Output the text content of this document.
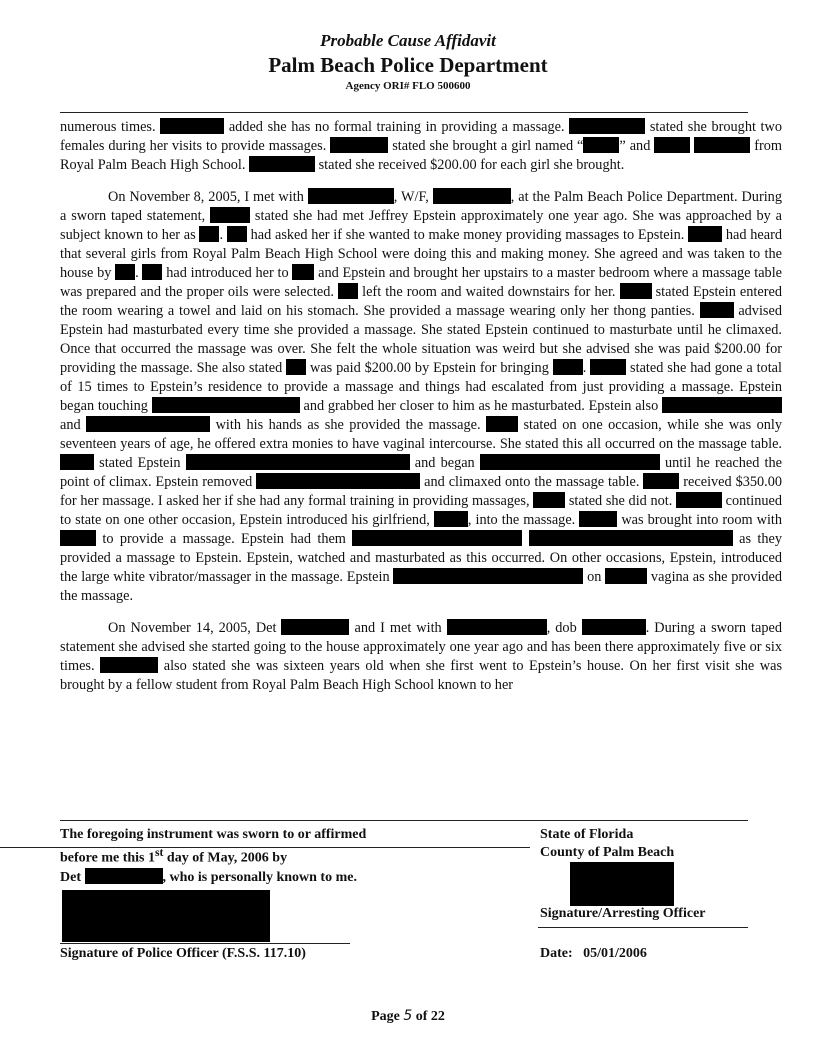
Probable Cause Affidavit
Palm Beach Police Department
Agency ORI# FLO 500600

numerous times.	added she has no formal training in providing a massage.	stated she brought two females during her visits to provide massages.	stated she brought a girl named “	” and	from Royal Palm Beach High School.	stated she received $200.00 for each girl she brought.

On November 8, 2005, I met with	, W/F,	, at the Palm Beach Police Department. During a sworn taped statement,	stated she had met Jeffrey Epstein approximately one year ago. She was approached by a subject known to her as . had asked her if she wanted to make money providing massages to Epstein.	had heard that several girls from Royal Palm Beach High School were doing this and making money. She agreed and was taken to the house by . had introduced her to and Epstein and brought her upstairs to a master bedroom where a massage table was prepared and the proper oils were selected. left the room and waited downstairs for her.	stated Epstein entered the room wearing a towel and laid on his stomach. She provided a massage wearing only her thong panties.	advised Epstein had masturbated every time she provided a massage. She stated Epstein continued to masturbate until he climaxed. Once that occurred the massage was over. She felt the whole situation was weird but she advised she was paid $200.00 for providing the massage. She also stated was paid $200.00 by Epstein for bringing .	stated she had gone a total of 15 times to Epstein’s residence to provide a massage and things had escalated from just providing a massage. Epstein began touching	and grabbed her closer to him as he masturbated. Epstein also  and	with his hands as she provided the massage.	stated on one occasion, while she was only seventeen years of age, he offered extra monies to have vaginal intercourse. She stated this all occurred on the massage table.  stated Epstein	and began	until he reached the point of climax. Epstein removed	and climaxed onto the massage table.	received $350.00 for her massage. I asked her if she had any formal training in providing massages,	stated she did not.	continued to state on one other occasion, Epstein introduced his girlfriend,	, into the massage.	was brought into room with  to provide a massage. Epstein had them	as they provided a massage to Epstein. Epstein, watched and masturbated as this occurred. On other occasions, Epstein, introduced the large white vibrator/massager in the massage. Epstein	on	vagina as she provided the massage.

On November 14, 2005, Det	and I met with	, dob	. During a sworn taped statement she advised she started going to the house approximately one year ago and has been there approximately five or six times.	also stated she was sixteen years old when she first went to Epstein’s house. On her first visit she was brought by a fellow student from Royal Palm Beach High School known to her

The foregoing instrument was sworn to or affirmed
before me this 1st day of May, 2006 by
Det	, who is personally known to me.
Signature of Police Officer (F.S.S. 117.10)
State of Florida
County of Palm Beach
Signature/Arresting Officer
Date: 05/01/2006
Page 5 of 22
